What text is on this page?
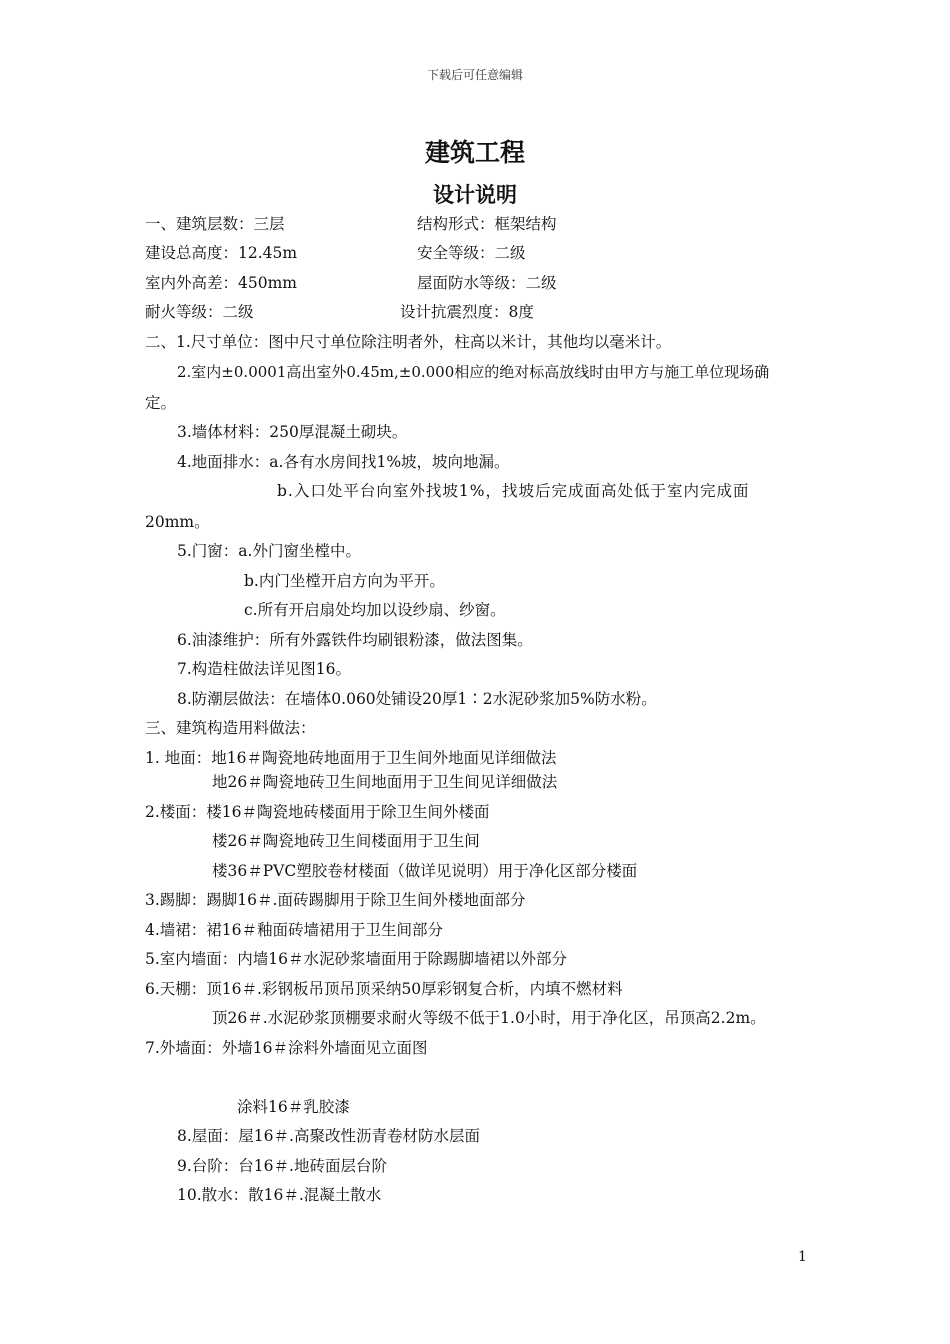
下载后可任意编辑
建筑工程
设计说明
一、建筑层数：三层	结构形式：框架结构
建设总高度：12.45m	安全等级：二级
室内外高差：450mm	屋面防水等级：二级
耐火等级：二级	设计抗震烈度：8度
二、1.尺寸单位：图中尺寸单位除注明者外，柱高以米计，其他均以毫米计。
2.室内±0.0001高出室外0.45m,±0.000相应的绝对标高放线时由甲方与施工单位现场确
定。
3.墙体材料：250厚混凝土砌块。
4.地面排水：a.各有水房间找1%坡，坡向地漏。
b.入口处平台向室外找坡1%，找坡后完成面高处低于室内完成面
20mm。
5.门窗：a.外门窗坐樘中。
b.内门坐樘开启方向为平开。
c.所有开启扇处均加以设纱扇、纱窗。
6.油漆维护：所有外露铁件均刷银粉漆，做法图集。
7.构造柱做法详见图16。
8.防潮层做法：在墙体0.060处铺设20厚1∶2水泥砂浆加5%防水粉。
三、建筑构造用料做法：
1. 地面：地16＃陶瓷地砖地面用于卫生间外地面见详细做法
地26＃陶瓷地砖卫生间地面用于卫生间见详细做法
2.楼面：楼16＃陶瓷地砖楼面用于除卫生间外楼面
楼26＃陶瓷地砖卫生间楼面用于卫生间
楼36＃PVC塑胶卷材楼面（做详见说明）用于净化区部分楼面
3.踢脚：踢脚16＃.面砖踢脚用于除卫生间外楼地面部分
4.墙裙：裙16＃釉面砖墙裙用于卫生间部分
5.室内墙面：内墙16＃水泥砂浆墙面用于除踢脚墙裙以外部分
6.天棚：顶16＃.彩钢板吊顶吊顶采纳50厚彩钢复合析，内填不燃材料
顶26＃.水泥砂浆顶棚要求耐火等级不低于1.0小时，用于净化区，吊顶高2.2m。
7.外墙面：外墙16＃涂料外墙面见立面图
涂料16＃乳胶漆
8.屋面：屋16＃.高聚改性沥青卷材防水层面
9.台阶：台16＃.地砖面层台阶
10.散水：散16＃.混凝土散水
1
